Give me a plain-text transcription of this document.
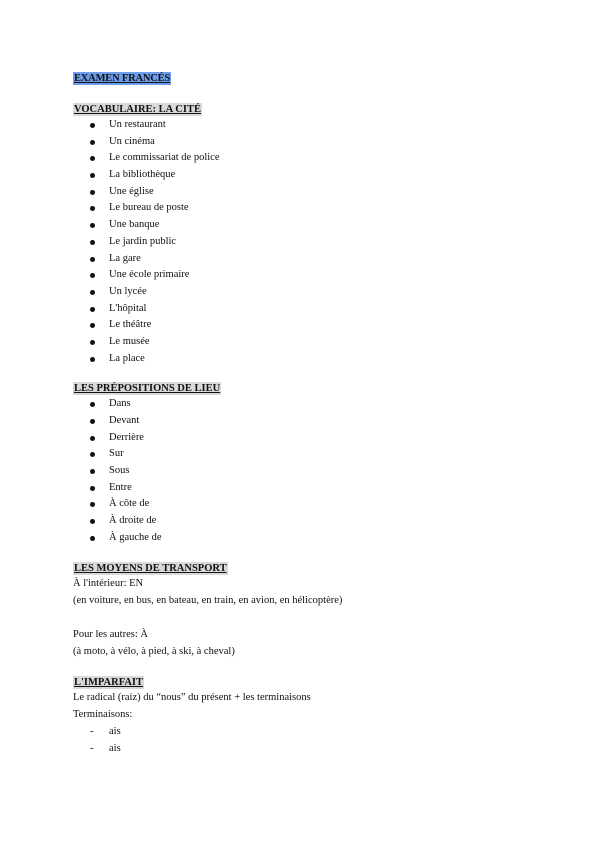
EXAMEN FRANCÉS
VOCABULAIRE: LA CITÉ
Un restaurant
Un cinéma
Le commissariat de police
La bibliothèque
Une église
Le bureau de poste
Une banque
Le jardin public
La gare
Une école primaire
Un lycée
L'hôpital
Le théâtre
Le musée
La place
LES PRÉPOSITIONS DE LIEU
Dans
Devant
Derrière
Sur
Sous
Entre
À côte de
À droite de
À gauche de
LES MOYENS DE TRANSPORT
À l'intérieur: EN
(en voiture, en bus, en bateau, en train, en avion, en hélicoptère)
Pour les autres: À
(à moto, à vélo, à pied, à ski, à cheval)
L'IMPARFAIT
Le radical (raíz) du “nous” du présent + les terminaisons
Terminaisons:
- ais
- ais
